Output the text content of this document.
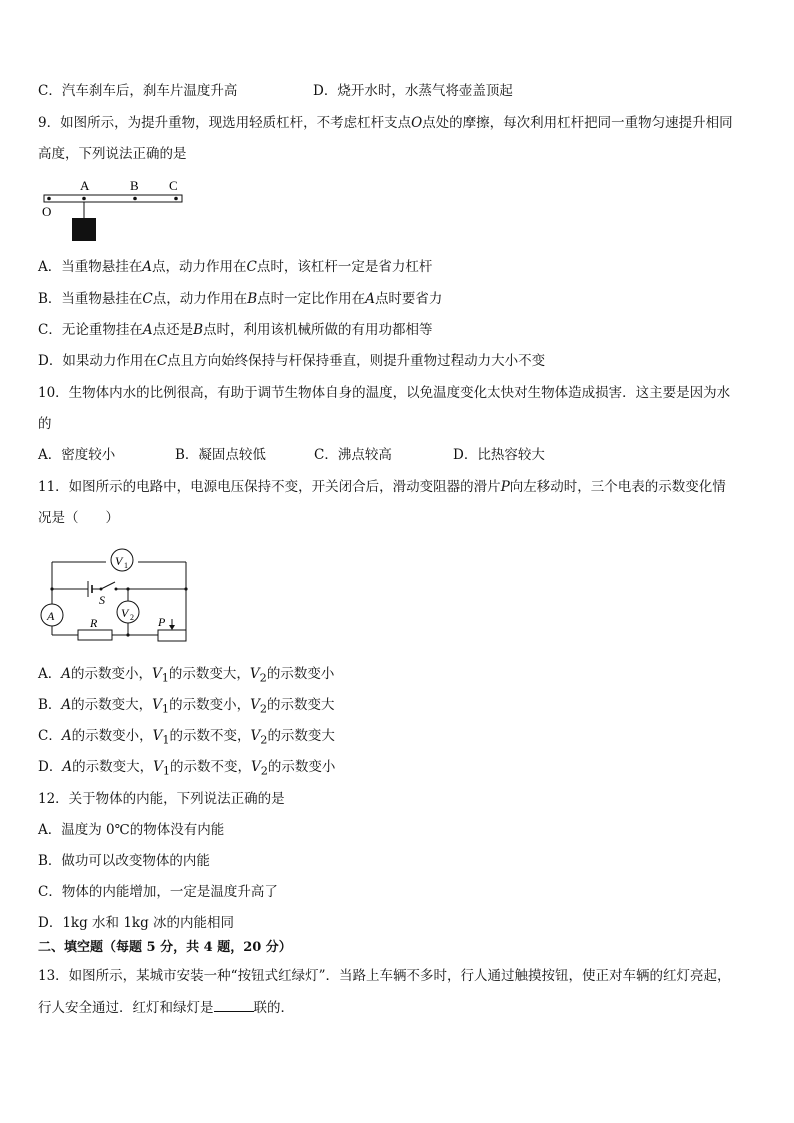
C．汽车刹车后，刹车片温度升高	D．烧开水时，水蒸气将壶盖顶起
9．如图所示，为提升重物，现选用轻质杠杆，不考虑杠杆支点O点处的摩擦，每次利用杠杆把同一重物匀速提升相同
高度，下列说法正确的是
A	B C
O
A．当重物悬挂在A点，动力作用在C点时，该杠杆一定是省力杠杆
B．当重物悬挂在C点，动力作用在B点时一定比作用在A点时要省力
C．无论重物挂在A点还是B点时，利用该机械所做的有用功都相等
D．如果动力作用在C点且方向始终保持与杆保持垂直，则提升重物过程动力大小不变
10．生物体内水的比例很高，有助于调节生物体自身的温度，以免温度变化太快对生物体造成损害．这主要是因为水
的
A．密度较小	B．凝固点较低	C．沸点较高	D．比热容较大
11．如图所示的电路中，电源电压保持不变，开关闭合后，滑动变阻器的滑片P向左移动时，三个电表的示数变化情
况是（　　）
V 1
S
A	R	P
V 2
A．A的示数变小，$V_1$的示数变大，$V_2$的示数变小
B．A的示数变大，$V_1$的示数变小，$V_2$的示数变大
C．A的示数变小，$V_1$的示数不变，$V_2$的示数变大
D．A的示数变大，$V_1$的示数不变，$V_2$的示数变小
12．关于物体的内能，下列说法正确的是
A．温度为 0℃的物体没有内能
B．做功可以改变物体的内能
C．物体的内能增加，一定是温度升高了
D．1kg 水和 1kg 冰的内能相同
二、填空题（每题 5 分，共 4 题，20 分）
13．如图所示，某城市安装一种“按钮式红绿灯”．当路上车辆不多时，行人通过触摸按钮，使正对车辆的红灯亮起，
行人安全通过．红灯和绿灯是	联的．
